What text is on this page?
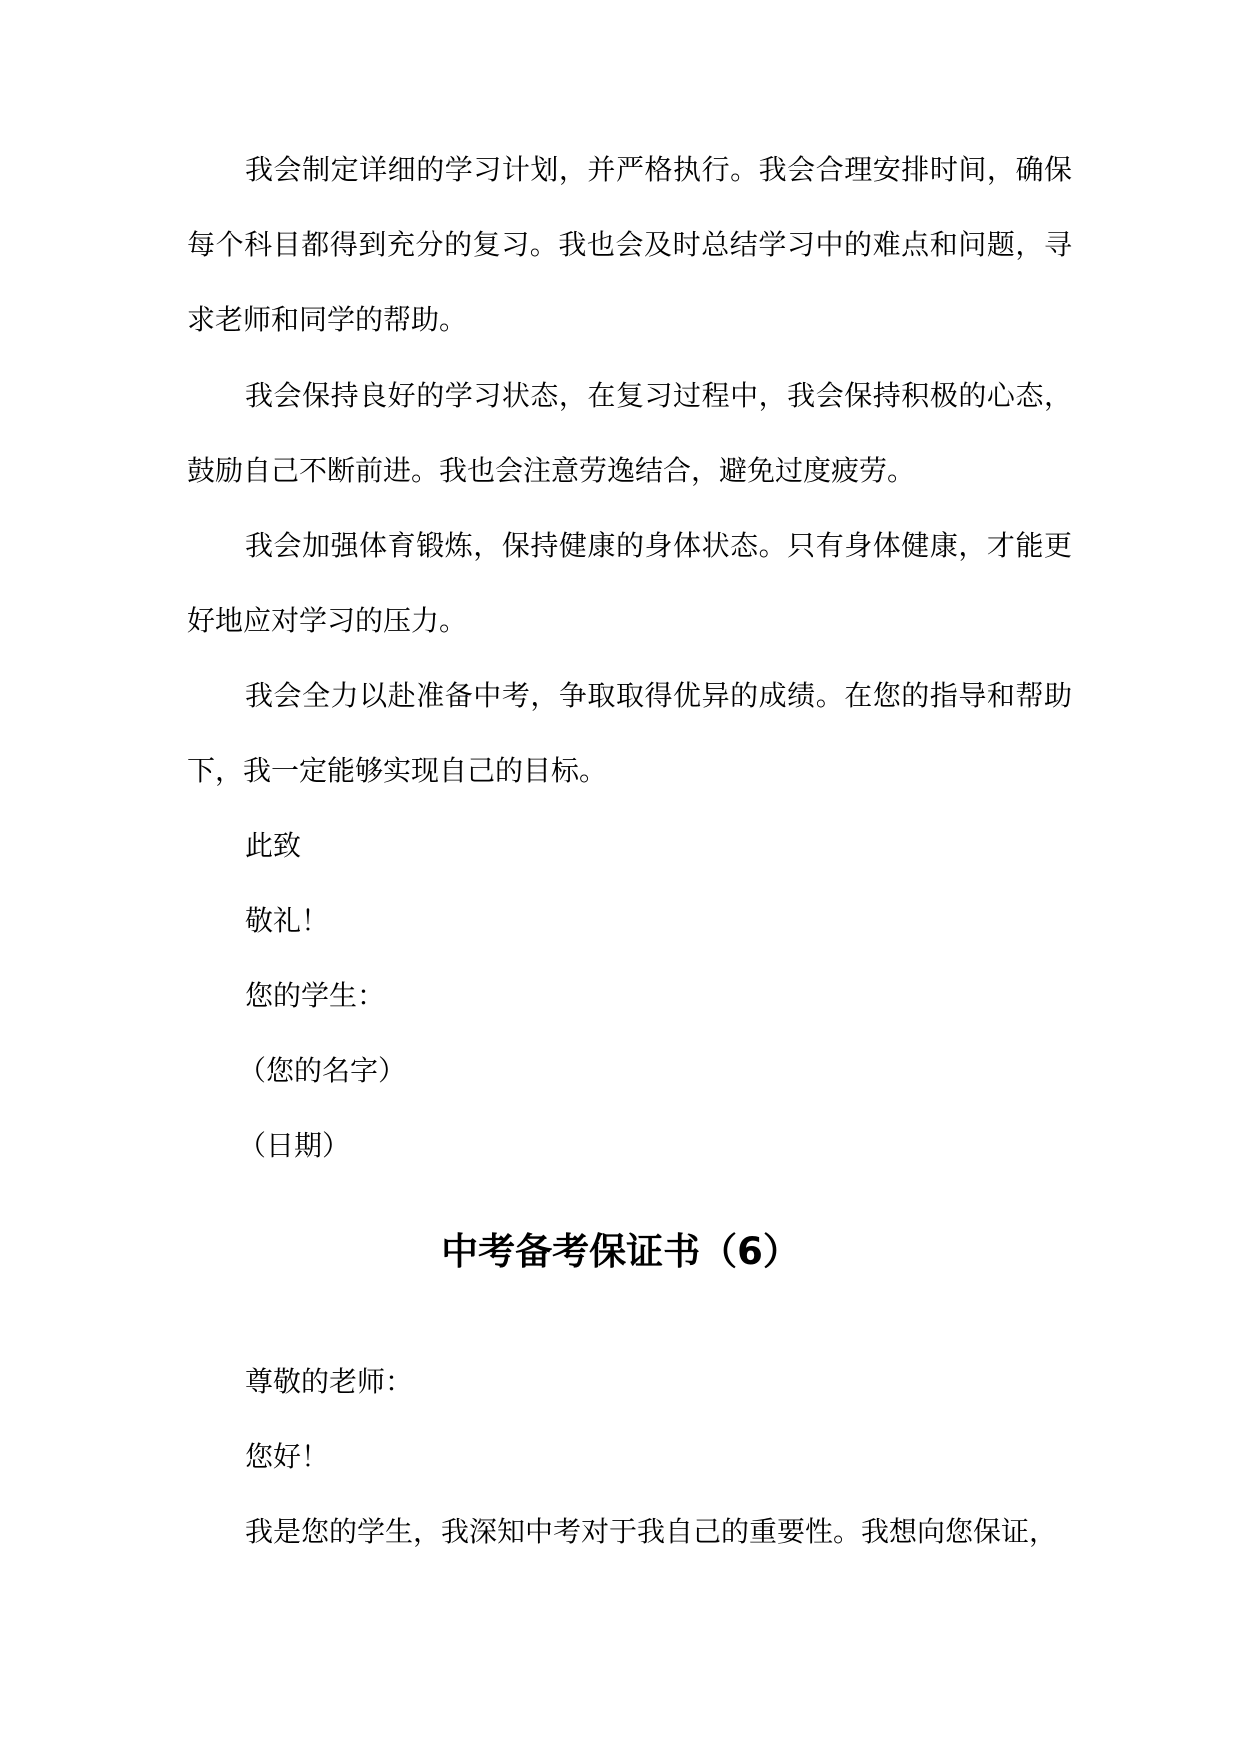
我会制定详细的学习计划，并严格执行。我会合理安排时间，确保每个科目都得到充分的复习。我也会及时总结学习中的难点和问题，寻求老师和同学的帮助。

我会保持良好的学习状态，在复习过程中，我会保持积极的心态，鼓励自己不断前进。我也会注意劳逸结合，避免过度疲劳。

我会加强体育锻炼，保持健康的身体状态。只有身体健康，才能更好地应对学习的压力。

我会全力以赴准备中考，争取取得优异的成绩。在您的指导和帮助下，我一定能够实现自己的目标。

此致

敬礼！

您的学生：

（您的名字）

（日期）

中考备考保证书（6）

尊敬的老师：

您好！

我是您的学生，我深知中考对于我自己的重要性。我想向您保证，
